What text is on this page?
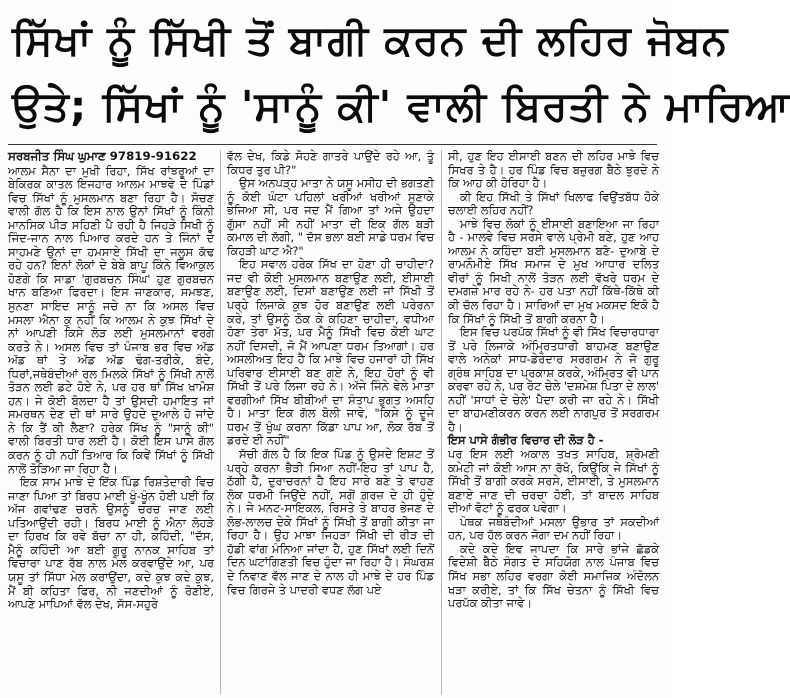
ਸਿੱਖਾਂ ਨੂੰ ਸਿੱਖੀ ਤੋਂ ਬਾਗੀ ਕਰਨ ਦੀ ਲਹਿਰ ਜੋਬਨ
ਉਤੇ; ਸਿੱਖਾਂ ਨੂੰ 'ਸਾਨੂੰ ਕੀ' ਵਾਲੀ ਬਿਰਤੀ ਨੇ ਮਾਰਿਆ

ਸਰਬਜੀਤ ਸਿੰਘ ਘੁਮਾਣ 97819-91622

ਆਲਮ ਸੈਨਾ ਦਾ ਮੁਖੀ ਰਿਹਾ, ਸਿੱਖ ਰਾਂਝਰੂਆਂ ਦਾ ਬੇਕਿਰਕ ਕਾਤਲ ਇਜਹਾਰ ਆਲਮ ਮਾਝਵੇ ਦੇ ਪਿੰਡਾਂ ਵਿਚ ਸਿੱਖਾਂ ਨੂੰ ਮੁਸਲਮਾਨ ਬਣਾ ਰਿਹਾ ਹੈ। ਸੋਚਣ ਵਾਲੀ ਗੱਲ ਹੈ ਕਿ ਇਸ ਨਾਲ ਉਨਾਂ ਸਿੱਖਾਂ ਨੂੰ ਕਿੰਨੀ ਮਾਨਸਿਕ ਪੀੜ ਸਹਿਣੀ ਪੈ ਰਹੀ ਹੈ ਜਿਹੜੇ ਸਿਖੀ ਨੂੰ ਜਿੰਦ-ਜਾਨ ਨਾਲ ਪਿਆਰ ਕਰਦੇ ਹਨ ਤੇ ਜਿੰਨਾਂ ਦੇ ਸਾਹਮਣੇ ਉਨਾਂ ਦਾ ਹਮਸਾਏ ਸਿੱਖੀ ਦਾ ਜਲੂਸ ਕੱਢ ਰਹੇ ਹਨ? ਇਨਾਂ ਲੋਕਾਂ ਦੇ ਬੇਬੇ ਬਾਪੂ ਕਿੰਨੇ ਵਿਆਕੁਲ ਹੋਣਗੇ ਕਿ ਸਾਡਾ 'ਗੁਰਬਚਨ ਸਿੰਘ' ਹੁਣ ਗੁਰਬਚਨ ਖਾਨ ਬਣਿਆ ਫਿਰਦਾ। ਇਸ ਜਾਣਕਾਰ, ਸਮਝਣ, ਸੁਨਣਾ ਸਾਇਦ ਸਾਨੂੰ ਜਚੇ ਨਾ ਕਿ ਅਸਲ ਵਿਚ ਮਸਲਾ ਐਨਾ ਕੁ ਨਹੀਂ ਕਿ ਆਲਮ ਨੇ ਕੁਝ ਸਿੱਖਾਂ ਦੇ ਨਾਂ ਆਪਣੀ ਕਿਸੇ ਲੋੜ ਲਈ ਮੁਸਲਮਾਨਾਂ ਵਰਗੇ ਕਰਤੇ ਨੇ। ਅਸਲ ਵਿਚ ਤਾਂ ਪੰਜਾਬ ਭਰ ਵਿਚ ਅੱਡ ਅੱਡ ਥਾਂ ਤੇ ਅੱਡ ਅੱਡ ਢੰਗ-ਤਰੀਕੇ, ਬੰਦੇ, ਧਿਰਾਂ,ਜਥੇਬੰਦੀਆਂ ਰਲ ਮਿਲਕੇ ਸਿੱਖਾਂ ਨੂੰ ਸਿੱਖੀ ਨਾਲੋਂ ਤੋੜਨ ਲਈ ਡਟੇ ਹੋਏ ਨੇ, ਪਰ ਹਰ ਥਾਂ ਸਿੱਖ ਖਾਮੋਸ਼ ਹਨ। ਜੇ ਕੋਈ ਬੋਲਦਾ ਹੈ ਤਾਂ ਉਸਦੀ ਹਮਾਇਤ ਜਾਂ ਸਮਰਥਨ ਦੇਣ ਦੀ ਥਾਂ ਸਾਰੇ ਉਹਦੇ ਦੁਆਲੇ ਹੋ ਜਾਂਦੇ ਨੇ ਕਿ ਤੈਂ ਕੀ ਲੈਣਾ? ਹਰੇਕ ਸਿੱਖ ਨੂੰ "ਸਾਨੂੰ ਕੀ" ਵਾਲੀ ਬਿਰਤੀ ਧਾਰ ਲਈ ਹੈ। ਕੋਈ ਇਸ ਪਾਸੇ ਗੱਲ ਕਰਨ ਨੂੰ ਹੀ ਨਹੀਂ ਤਿਆਰ ਕਿ ਕਿਵੇਂ ਸਿੱਖਾਂ ਨੂੰ ਸਿੱਖੀ ਨਾਲੋਂ ਤੋੜਿਆ ਜਾ ਰਿਹਾ ਹੈ।

ਇਕ ਸਾਮ ਮਾਝੇ ਦੇ ਇੱਕ ਪਿੰਡ ਰਿਸ਼ਤੇਦਾਰੀ ਵਿਚ ਜਾਣਾ ਪਿਆ ਤਾਂ ਬਿਰਧ ਮਾਈ ਖੂੰ-ਖੂੰਨ ਹੋਈ ਪਈ ਕਿ ਅੱਜ ਗਵਾਂਢਣ ਚਰਨੋ ਉਸਨੂੰ ਚਰਚ ਜਾਣ ਲਈ ਪਤਿਆਉਂਦੀ ਰਹੀ। ਬਿਰਧ ਮਾਈ ਨੂੰ ਐਨਾ ਲੋਹੜੇ ਦਾ ਹਿਰਖ ਕਿ ਰਵੇ ਬੱਚਾ ਨਾ ਹੀ, ਕਹਿੰਦੀ, "ਦੱਸ, ਮੈਨੂੰ ਕਹਿੰਦੀ ਆ ਬਈ ਗੁਰੂ ਨਾਨਕ ਸਾਹਿਬ ਤਾਂ ਵਿਚਾਰਾ ਪਾਣ ਰੱਬ ਨਾਲ ਮੇਲ ਕਰਵਾਉਂਦੇ ਆ, ਪਰ ਯਸੂ ਤਾਂ ਸਿੱਧਾ ਮੇਲ ਕਰਾਉਂਦਾ, ਕਦੇ ਕੁਝ ਕਦੇ ਕੁਝ, ਮੈਂ ਬੀ ਕਹਿਤਾ ਫਿਰ, ਨੀ ਜਣਦੀਆਂ ਨੂੰ ਰੋਣੀਏ, ਆਪਣੇ ਮਾਪਿਆਂ ਵੱਲ ਦੇਖ, ਸੱਸ-ਸਹੁਰੇ

ਵੱਲ ਦੇਖ, ਕਿਡੇ ਸੋਹਣੇ ਗਾਤਰੇ ਪਾਉਂਦੇ ਰਹੇ ਆ, ਤੂੰ ਕਿਧਰ ਤੁਰ ਪੀ?"

ਉਸ ਅਨਪੜ੍ਹ ਮਾਤਾ ਨੇ ਯਸੂ ਮਸੀਹ ਦੀ ਭਗਤਣੀ ਨੂੰ ਕੋਈ ਘੰਟਾ ਪਹਿਲਾਂ ਖਰੀਆਂ ਖਰੀਆਂ ਸੁਣਾਕੇ ਭੇਜਿਆ ਸੀ, ਪਰ ਜਦ ਮੈਂ ਗਿਆ ਤਾਂ ਅਜੇ ਉਹਦਾ ਗੁੱਸਾ ਨਹੀਂ ਸੀ ਨਹੀਂ ਮਾਤਾ ਦੀ ਇਕ ਗੱਲ ਬੜੀ ਕਮਾਲ ਦੀ ਲੱਗੀ, " ਦੱਸ ਭਲਾ ਬਈ ਸਾਡੇ ਧਰਮ ਵਿਚ ਕਿਹੜੀ ਘਾਟ ਐ?"

ਇਹ ਸਵਾਲ ਹਰੇਕ ਸਿੱਖ ਦਾ ਹੋਣਾ ਹੀ ਚਾਹੀਦਾ? ਜਦ ਵੀ ਕੋਈ ਮੁਸਲਮਾਨ ਬਣਾਉਣ ਲਈ, ਈਸਾਈ ਬਣਾਉਣ ਲਈ, ਦਿਸਾਂ ਬਣਾਉਣ ਲਈ ਜਾਂ ਸਿੱਖੀ ਤੋਂ ਪਰ੍ਹੇ ਲਿਜਾਕੇ ਕੁਝ ਹੋਰ ਬਣਾਉਣ ਲਈ ਪਰੇਰਨਾ ਕਰੇ, ਤਾਂ ਉਸਨੂੰ ਠੋਕ ਕੇ ਕਹਿਣਾ ਚਾਹੀਦਾ, ਵਧੀਆ ਹੋਣਾ ਤੇਰਾ ਮੱਤ, ਪਰ ਮੈਨੂੰ ਸਿੱਖੀ ਵਿਚ ਕੋਈ ਘਾਟ ਨਹੀਂ ਦਿਸਦੀ, ਜੋ ਮੈਂ ਆਪਣਾ ਧਰਮ ਤਿਆਗਾਂ। ਹਰ ਅਸਲੀਅਤ ਇਹ ਹੈ ਕਿ ਮਾਝੇ ਵਿਚ ਹਜਾਰਾਂ ਹੀ ਸਿੱਖ ਪਰਿਵਾਰ ਈਸਾਈ ਬਣ ਗਏ ਨੇ, ਇਹ ਹੋਰਾਂ ਨੂੰ ਵੀ ਸਿੱਖੀ ਤੋਂ ਪਰੇ ਲਿਜਾ ਰਹੇ ਨੇ। ਅੱਜੇ ਜਿੰਨੇ ਵੇਲੇ ਮਾਤਾ ਵਰਗੀਆਂ ਸਿੱਖ ਬੀਬੀਆਂ ਦਾ ਸੰਤਾਪ ਭੁਗਤ ਅਸਹਿ ਹੈ। ਮਾਤਾ ਇਕ ਗੱਲ ਬੋਲੀ ਜਾਵੇ, "ਕਿਸੇ ਨੂੰ ਦੂਜੇ ਧਰਮ ਤੋਂ ਖੁੰਘ ਕਰਨਾ ਕਿੱਡਾ ਪਾਪ ਆ, ਲੋਕ ਰੱਬ ਤੋਂ ਡਰਦੇ ਈ ਨਹੀਂ"

ਸੱਚੀ ਗੱਲ ਹੈ ਕਿ ਇਕ ਪਿੰਡ ਨੂੰ ਉਸਦੇ ਇਸ਼ਟ ਤੋਂ ਪਰ੍ਹੇ ਕਰਨਾ ਭੈੜੀ ਸਿਆ ਨਹੀਂ-ਇਹ ਤਾਂ ਪਾਪ ਹੈ, ਠੱਗੀ ਹੈ, ਦੁਰਾਚਰਨਾਂ ਹੈ ਇਹ ਸਾਰੇ ਬਣੇ ਤੇ ਵਾਹਣ ਲੋਕ ਧਰਮੀ ਜਿਉਂਦੇ ਨਹੀਂ, ਸਗੋਂ ਗ਼ਰਜ਼ ਦੇ ਹੀ ਹੁੰਦੇ ਨੇ। ਜੇ ਮਨਟ-ਸਾਇਕਲ, ਰਿਸਤੇ ਤੇ ਬਾਹਰ ਭੇਜਣ ਦੇ ਲੋਭ-ਲਾਲਚ ਦੇਕੇ ਸਿੱਖਾਂ ਨੂੰ ਸਿੱਖੀ ਤੋਂ ਬਾਗੀ ਕੀਤਾ ਜਾ ਰਿਹਾ ਹੈ। ਉਹ ਮਾਝਾ ਜਿਹੜਾ ਸਿੱਖੀ ਦੀ ਰੀੜ ਦੀ ਹੱਡੀ ਵਾਂਗ ਮੰਨਿਆ ਜਾਂਦਾ ਹੈ, ਹੁਣ ਸਿੱਖਾਂ ਲਈ ਦਿਨੋਂ ਦਿਨ ਘਟਾਂਗਿਣਤੀ ਵਿਚ ਹੁੰਦਾ ਜਾ ਰਿਹਾ ਹੈ। ਸੰਘਰਸ਼ ਦੇ ਨਿਵਾਣ ਵੱਲ ਜਾਣ ਦੇ ਨਾਲ ਹੀ ਮਾਝੇ ਦੇ ਹਰ ਪਿੰਡ ਵਿਚ ਗਿਰਜੇ ਤੇ ਪਾਦਰੀ ਵਧਣ ਲੱਗ ਪਏ

ਸੀ, ਹੁਣ ਇਹ ਈਸਾਈ ਬਣਨ ਦੀ ਲਹਿਰ ਮਾਝੇ ਵਿਚ ਸਿਖਰ ਤੇ ਹੈ। ਹਰ ਪਿੰਡ ਵਿਚ ਬਜ਼ੁਰਗ ਬੈਠੇ ਝੁਰਦੇ ਨੇ ਕਿ ਆਹ ਕੀ ਹੋਰਿਹਾ ਹੈ।

ਕੀ ਇਹ ਸਿੱਖੀ ਤੇ ਸਿੱਖਾਂ ਖਿਲਾਫ ਵਿਉਂਤਬੱਧ ਹੋਕੇ ਚਲਾਈ ਲਹਿਰ ਨਹੀਂ?

ਮਾਝੇ ਵਿਚ ਲੋਕਾਂ ਨੂੰ ਈਸਾਈ ਬਣਾਇਆ ਜਾ ਰਿਹਾ ਹੈ - ਮਾਲਵੇ ਵਿਚ ਸਰਸੇ ਵਾਲੇ ਪ੍ਰੇਮੀ ਬਣੇ, ਹੁਣ ਆਹ ਆਲਮ ਨੇ ਕਹਿੰਦਾ ਬਈ ਮੁਸਲਮਾਨ ਬਣੋ- ਦੁਆਬੇ ਦੇ ਰਾਮਨੌਮੀਏ ਸਿੱਖ ਸਮਾਜ ਦੇ ਮੁਖ ਆਧਾਰ ਦਲਿਤ ਵੀਰਾਂ ਨੂੰ ਸਿਖੀ ਨਾਲੋਂ ਤੋੜਨ ਲਈ ਵੱਖਰੇ ਧਰਮ ਦੇ ਦਮਗਜ਼ੇ ਮਾਰ ਰਹੇ ਨੇ- ਹਰ ਪਤਾ ਨਹੀਂ ਕਿੱਥੇ-ਕਿੱਥੇ ਕੀ ਕੀ ਚੱਲ ਰਿਹਾ ਹੈ। ਸਾਰਿਆਂ ਦਾ ਮੁਖ ਮਕਸਦ ਇਕੋ ਹੈ ਕਿ ਸਿੱਖਾਂ ਨੂੰ ਸਿੱਖੀ ਤੋਂ ਬਾਗੀ ਕਰਨਾ ਹੈ।

ਇਸ ਵਿਚ ਪਰਪੱਕ ਸਿੱਖਾਂ ਨੂੰ ਵੀ ਸਿੱਖ ਵਿਚਾਰਧਾਰਾ ਤੋਂ ਪਰੇ ਲਿਜਾਕੇ ਅੰਮ੍ਰਿਤਧਾਰੀ ਬਾਹਮਣ ਬਣਾਉਣ ਵਾਲੇ ਅਨੇਕਾਂ ਸਾਧ-ਡੇਰੇਦਾਰ ਸਰਗਰਮ ਨੇ ਜੋ ਗੁਰੂ ਗ੍ਰੰਥ ਸਾਹਿਬ ਦਾ ਪ੍ਰਕਾਸ਼ ਕਰਕੇ, ਅੰਮ੍ਰਿਤ ਵੀ ਪਾਨ ਕਰਵਾ ਰਹੇ ਨੇ, ਪਰ ਰੋਟ ਚੇਲੇ 'ਦਸ਼ਮੇਸ਼ ਪਿਤਾ ਦੇ ਲਾਲ' ਨਹੀਂ 'ਸਾਧਾਂ ਦੇ ਚੇਲੇ' ਪੈਦਾ ਕਰੀ ਜਾ ਰਹੇ ਨੇ। ਸਿੱਖੀ ਦਾ ਬਾਹਮਣੀਕਰਨ ਕਰਨ ਲਈ ਨਾਗਪੁਰ ਤੋਂ ਸਰਗਰਮ ਹੈ।

ਇਸ ਪਾਸੇ ਗੰਭੀਰ ਵਿਚਾਰ ਦੀ ਲੋੜ ਹੈ -

ਪਰ ਇਸ ਲਈ ਅਕਾਲ ਤਖਤ ਸਾਹਿਬ, ਸ਼੍ਰੋਮਣੀ ਕਮੇਟੀ ਜਾਂ ਕੋਈ ਆਸ ਨਾ ਰੱਖੋ, ਕਿਉਂਕਿ ਜੇ ਸਿੱਖਾਂ ਨੂੰ ਸਿੱਖੀ ਤੋਂ ਬਾਗੀ ਕਰਕੇ ਸਰਸੇ, ਈਸਾਈ, ਤੇ ਮੁਸਲਮਾਨ ਬਣਾਏ ਜਾਣ ਦੀ ਚਰਚਾ ਹੋਈ, ਤਾਂ ਬਾਦਲ ਸਾਹਿਬ ਦੀਆਂ ਵੋਟਾਂ ਨੂੰ ਫਰਕ ਪਵੇਗਾ।

ਪੰਥਕ ਜਥੇਬੰਦੀਆਂ ਮਸਲਾ ਉਭਾਰ ਤਾਂ ਸਕਦੀਆਂ ਹਨ, ਪਰ ਹੱਲ ਕਰਨ ਜੋਗਾ ਦਮ ਨਹੀਂ ਰਿਹਾ।

ਕਦੇ ਕਦੇ ਇਵ ਜਾਪਦਾ ਕਿ ਸਾਰੇ ਭਾਂਜੇ ਛੱਡਕੇ ਵਿਦੇਸ਼ੀ ਬੈਠੇ ਸੰਗਤ ਦੇ ਸਹਿਯੋਗ ਨਾਲ ਪੰਜਾਬ ਵਿਚ ਸਿੱਖ ਸਭਾ ਲਹਿਰ ਵਰਗਾ ਕੋਈ ਸਮਾਜਿਕ ਅੰਦੋਲਨ ਖੜਾ ਕਰੀਏ, ਤਾਂ ਕਿ ਸਿੱਖ ਚੇਤਨਾ ਨੂੰ ਸਿੱਖੀ ਵਿਚ ਪਰਪੱਕ ਕੀਤਾ ਜਾਵੇ।
